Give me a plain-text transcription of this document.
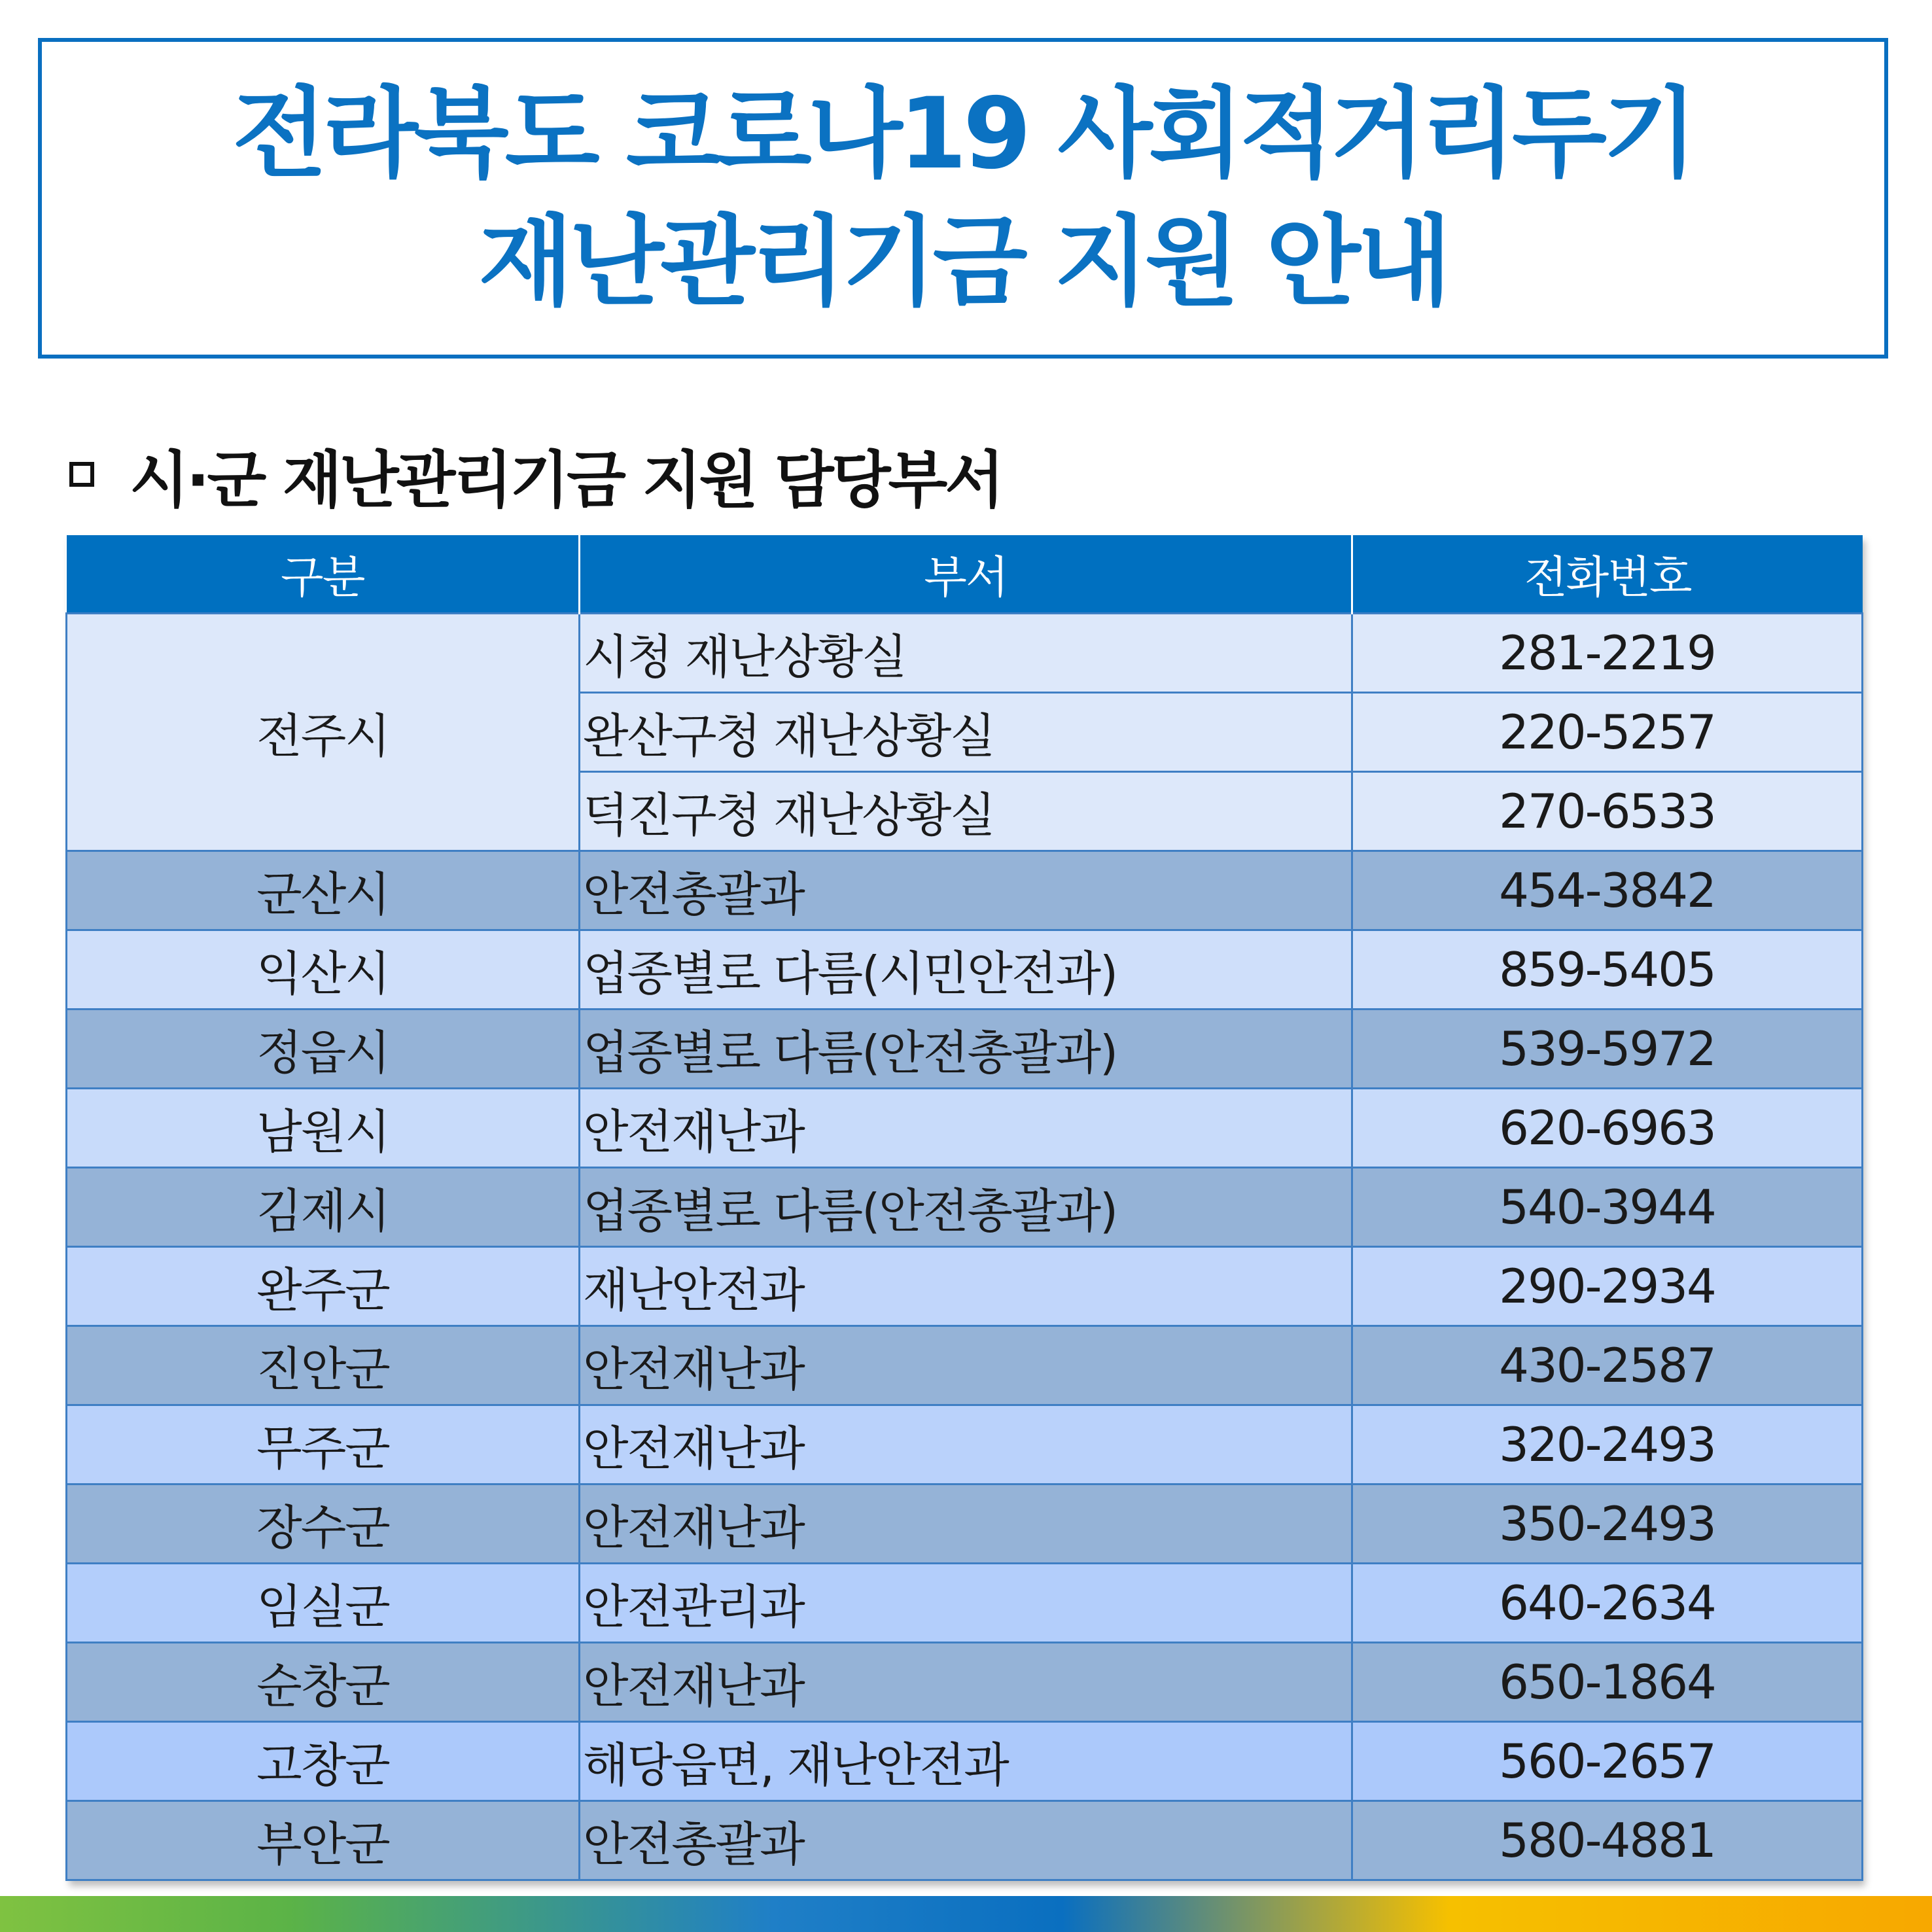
전라북도 코로나19 사회적거리두기
재난관리기금 지원 안내
시·군 재난관리기금 지원 담당부서
구분	부서	전화번호
전주시	시청 재난상황실	281-2219
	완산구청 재난상황실	220-5257
	덕진구청 재난상황실	270-6533
군산시	안전총괄과	454-3842
익산시	업종별로 다름(시민안전과)	859-5405
정읍시	업종별로 다름(안전총괄과)	539-5972
남원시	안전재난과	620-6963
김제시	업종별로 다름(안전총괄과)	540-3944
완주군	재난안전과	290-2934
진안군	안전재난과	430-2587
무주군	안전재난과	320-2493
장수군	안전재난과	350-2493
임실군	안전관리과	640-2634
순창군	안전재난과	650-1864
고창군	해당읍면, 재난안전과	560-2657
부안군	안전총괄과	580-4881
